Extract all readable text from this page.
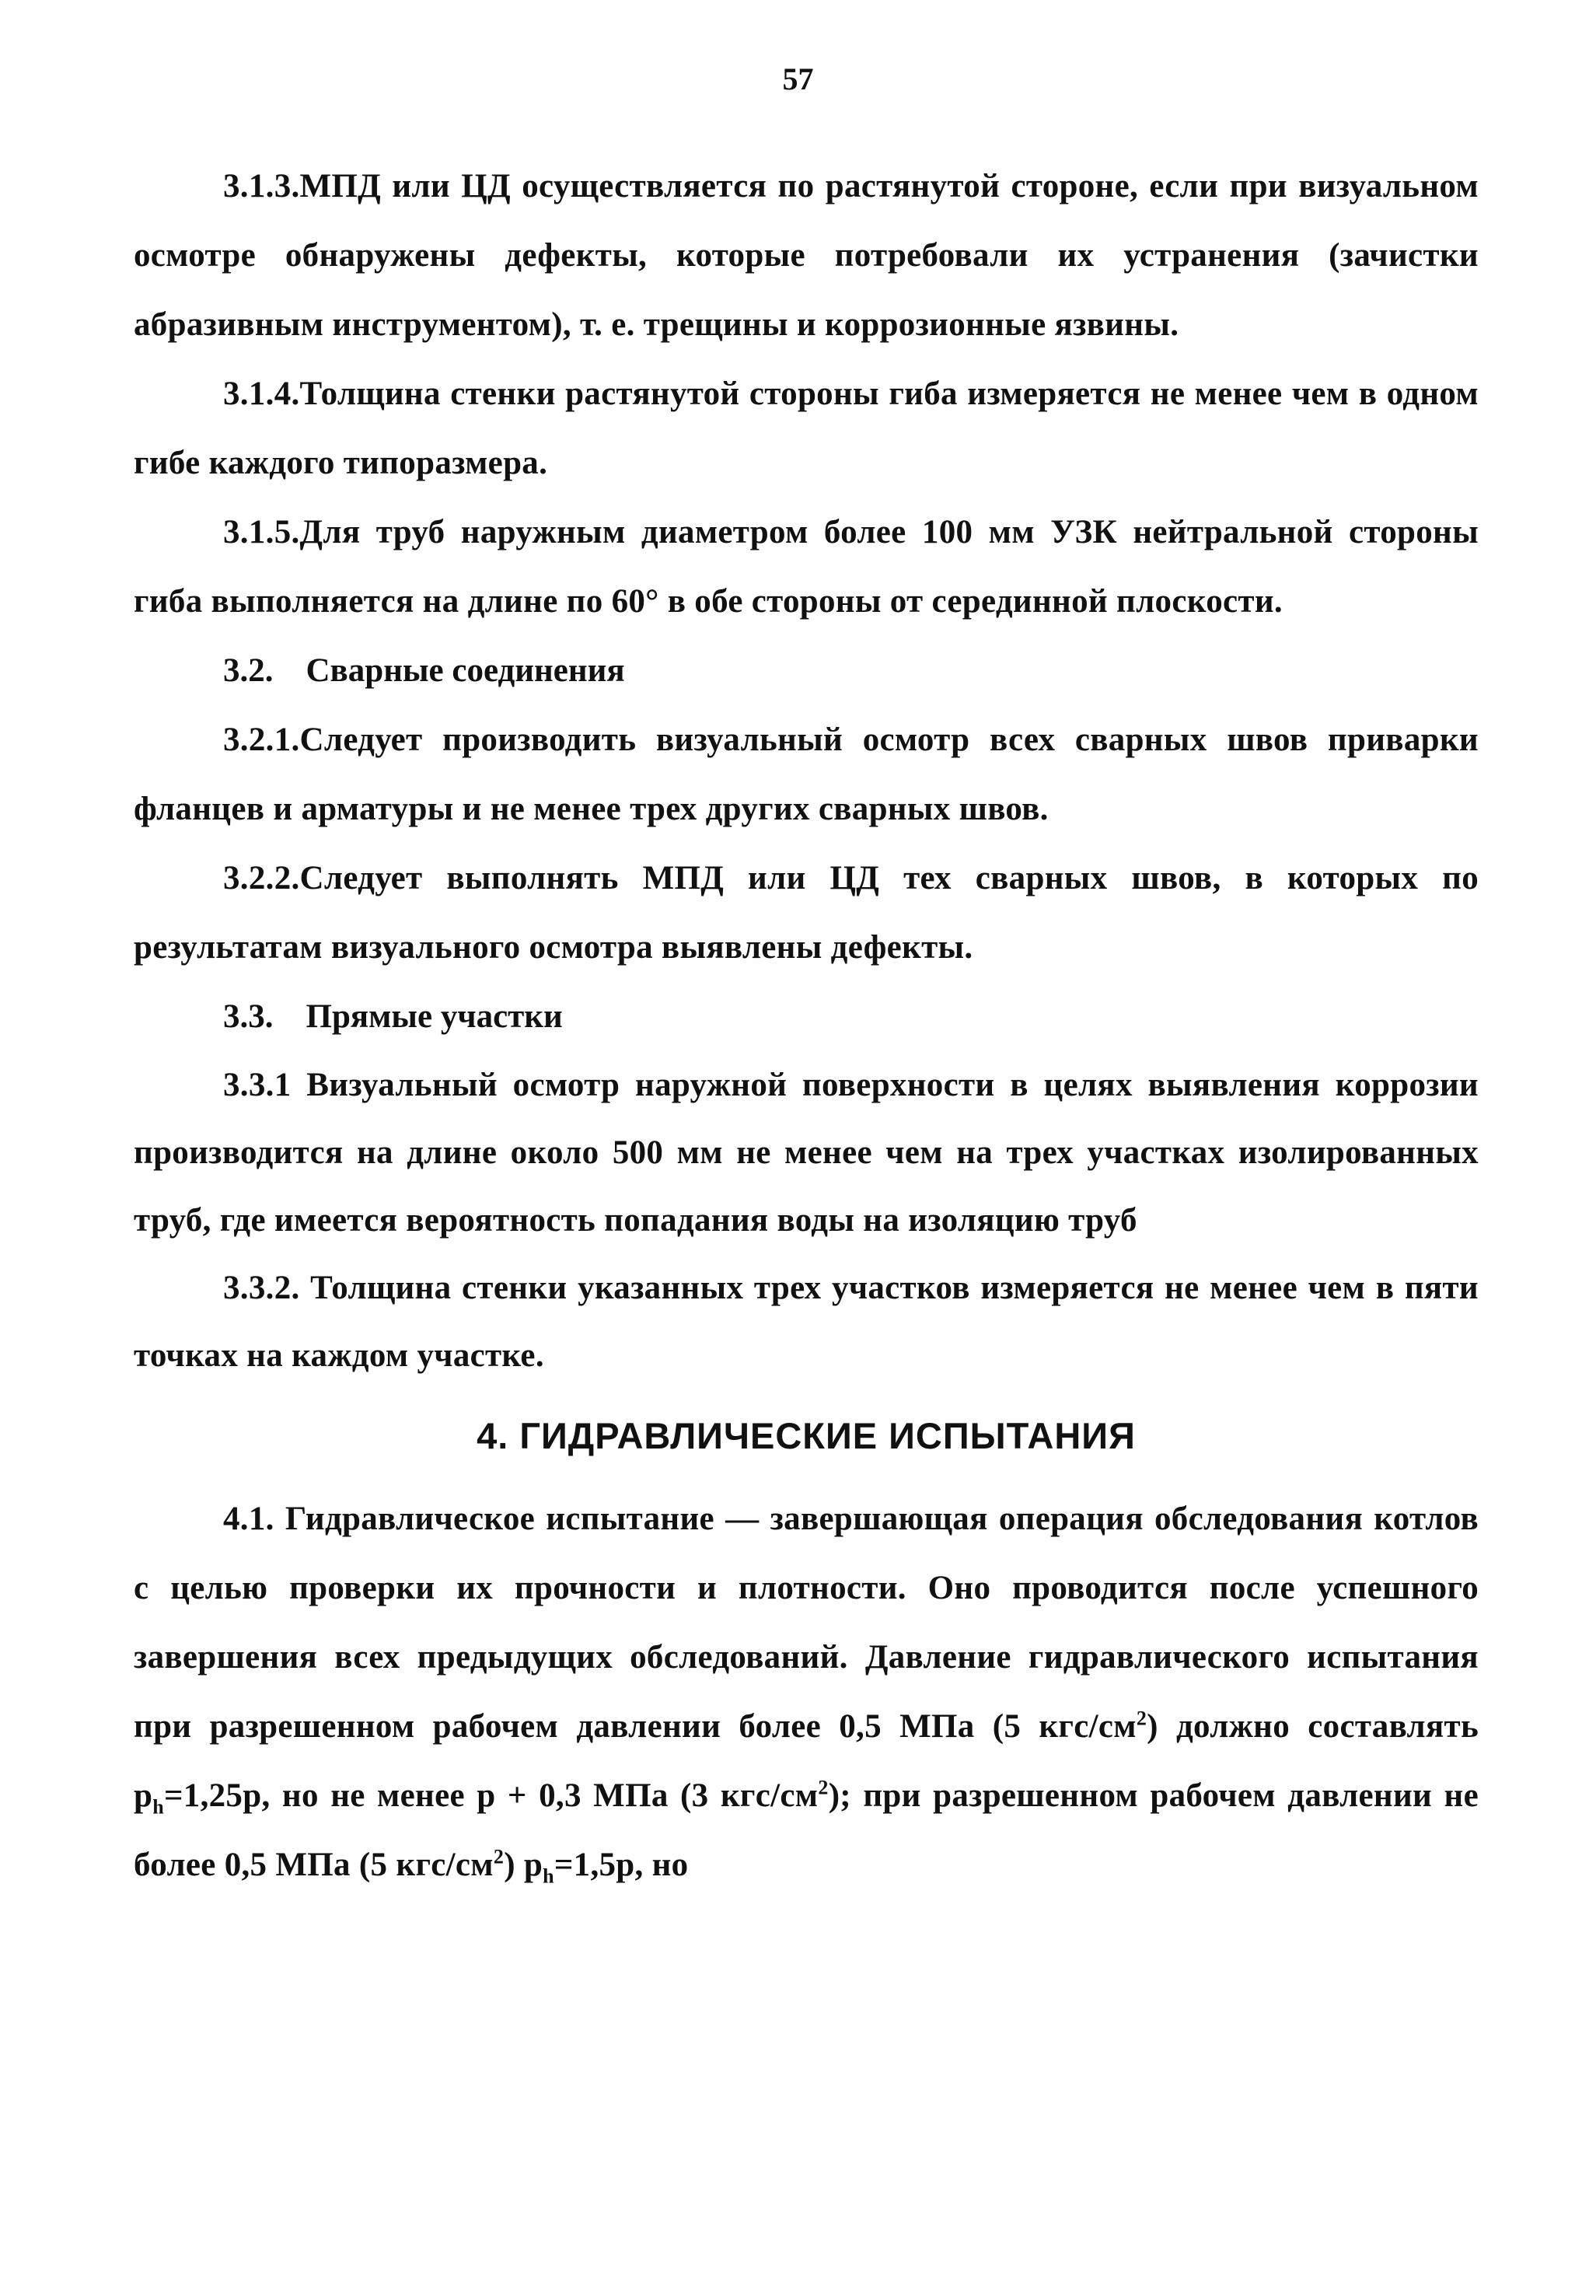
57

3.1.3.МПД или ЦД осуществляется по растянутой стороне, если при визуальном осмотре обнаружены дефекты, которые потребовали их устранения (зачистки абразивным инструментом), т. е. трещины и коррозионные язвины.

3.1.4.Толщина стенки растянутой стороны гиба измеряется не менее чем в одном гибе каждого типоразмера.

3.1.5.Для труб наружным диаметром более 100 мм УЗК нейтральной стороны гиба выполняется на длине по 60° в обе стороны от серединной плоскости.

3.2. Сварные соединения

3.2.1.Следует производить визуальный осмотр всех сварных швов приварки фланцев и арматуры и не менее трех других сварных швов.

3.2.2.Следует выполнять МПД или ЦД тех сварных швов, в которых по результатам визуального осмотра выявлены дефекты.

3.3. Прямые участки

3.3.1 Визуальный осмотр наружной поверхности в целях выявления коррозии производится на длине около 500 мм не менее чем на трех участках изолированных труб, где имеется вероятность попадания воды на изоляцию труб

3.3.2. Толщина стенки указанных трех участков измеряется не менее чем в пяти точках на каждом участке.

4. ГИДРАВЛИЧЕСКИЕ ИСПЫТАНИЯ

4.1. Гидравлическое испытание — завершающая операция обследования котлов с целью проверки их прочности и плотности. Оно проводится после успешного завершения всех предыдущих обследований. Давление гидравлического испытания при разрешенном рабочем давлении более 0,5 МПа (5 кгс/$см^2$) должно составлять $p_h=1,25p$, но не менее p + 0,3 МПа (3 кгс/$см^2$); при разрешенном рабочем давлении не более 0,5 МПа (5 кгс/$см^2$) $p_h=1,5p$, но
